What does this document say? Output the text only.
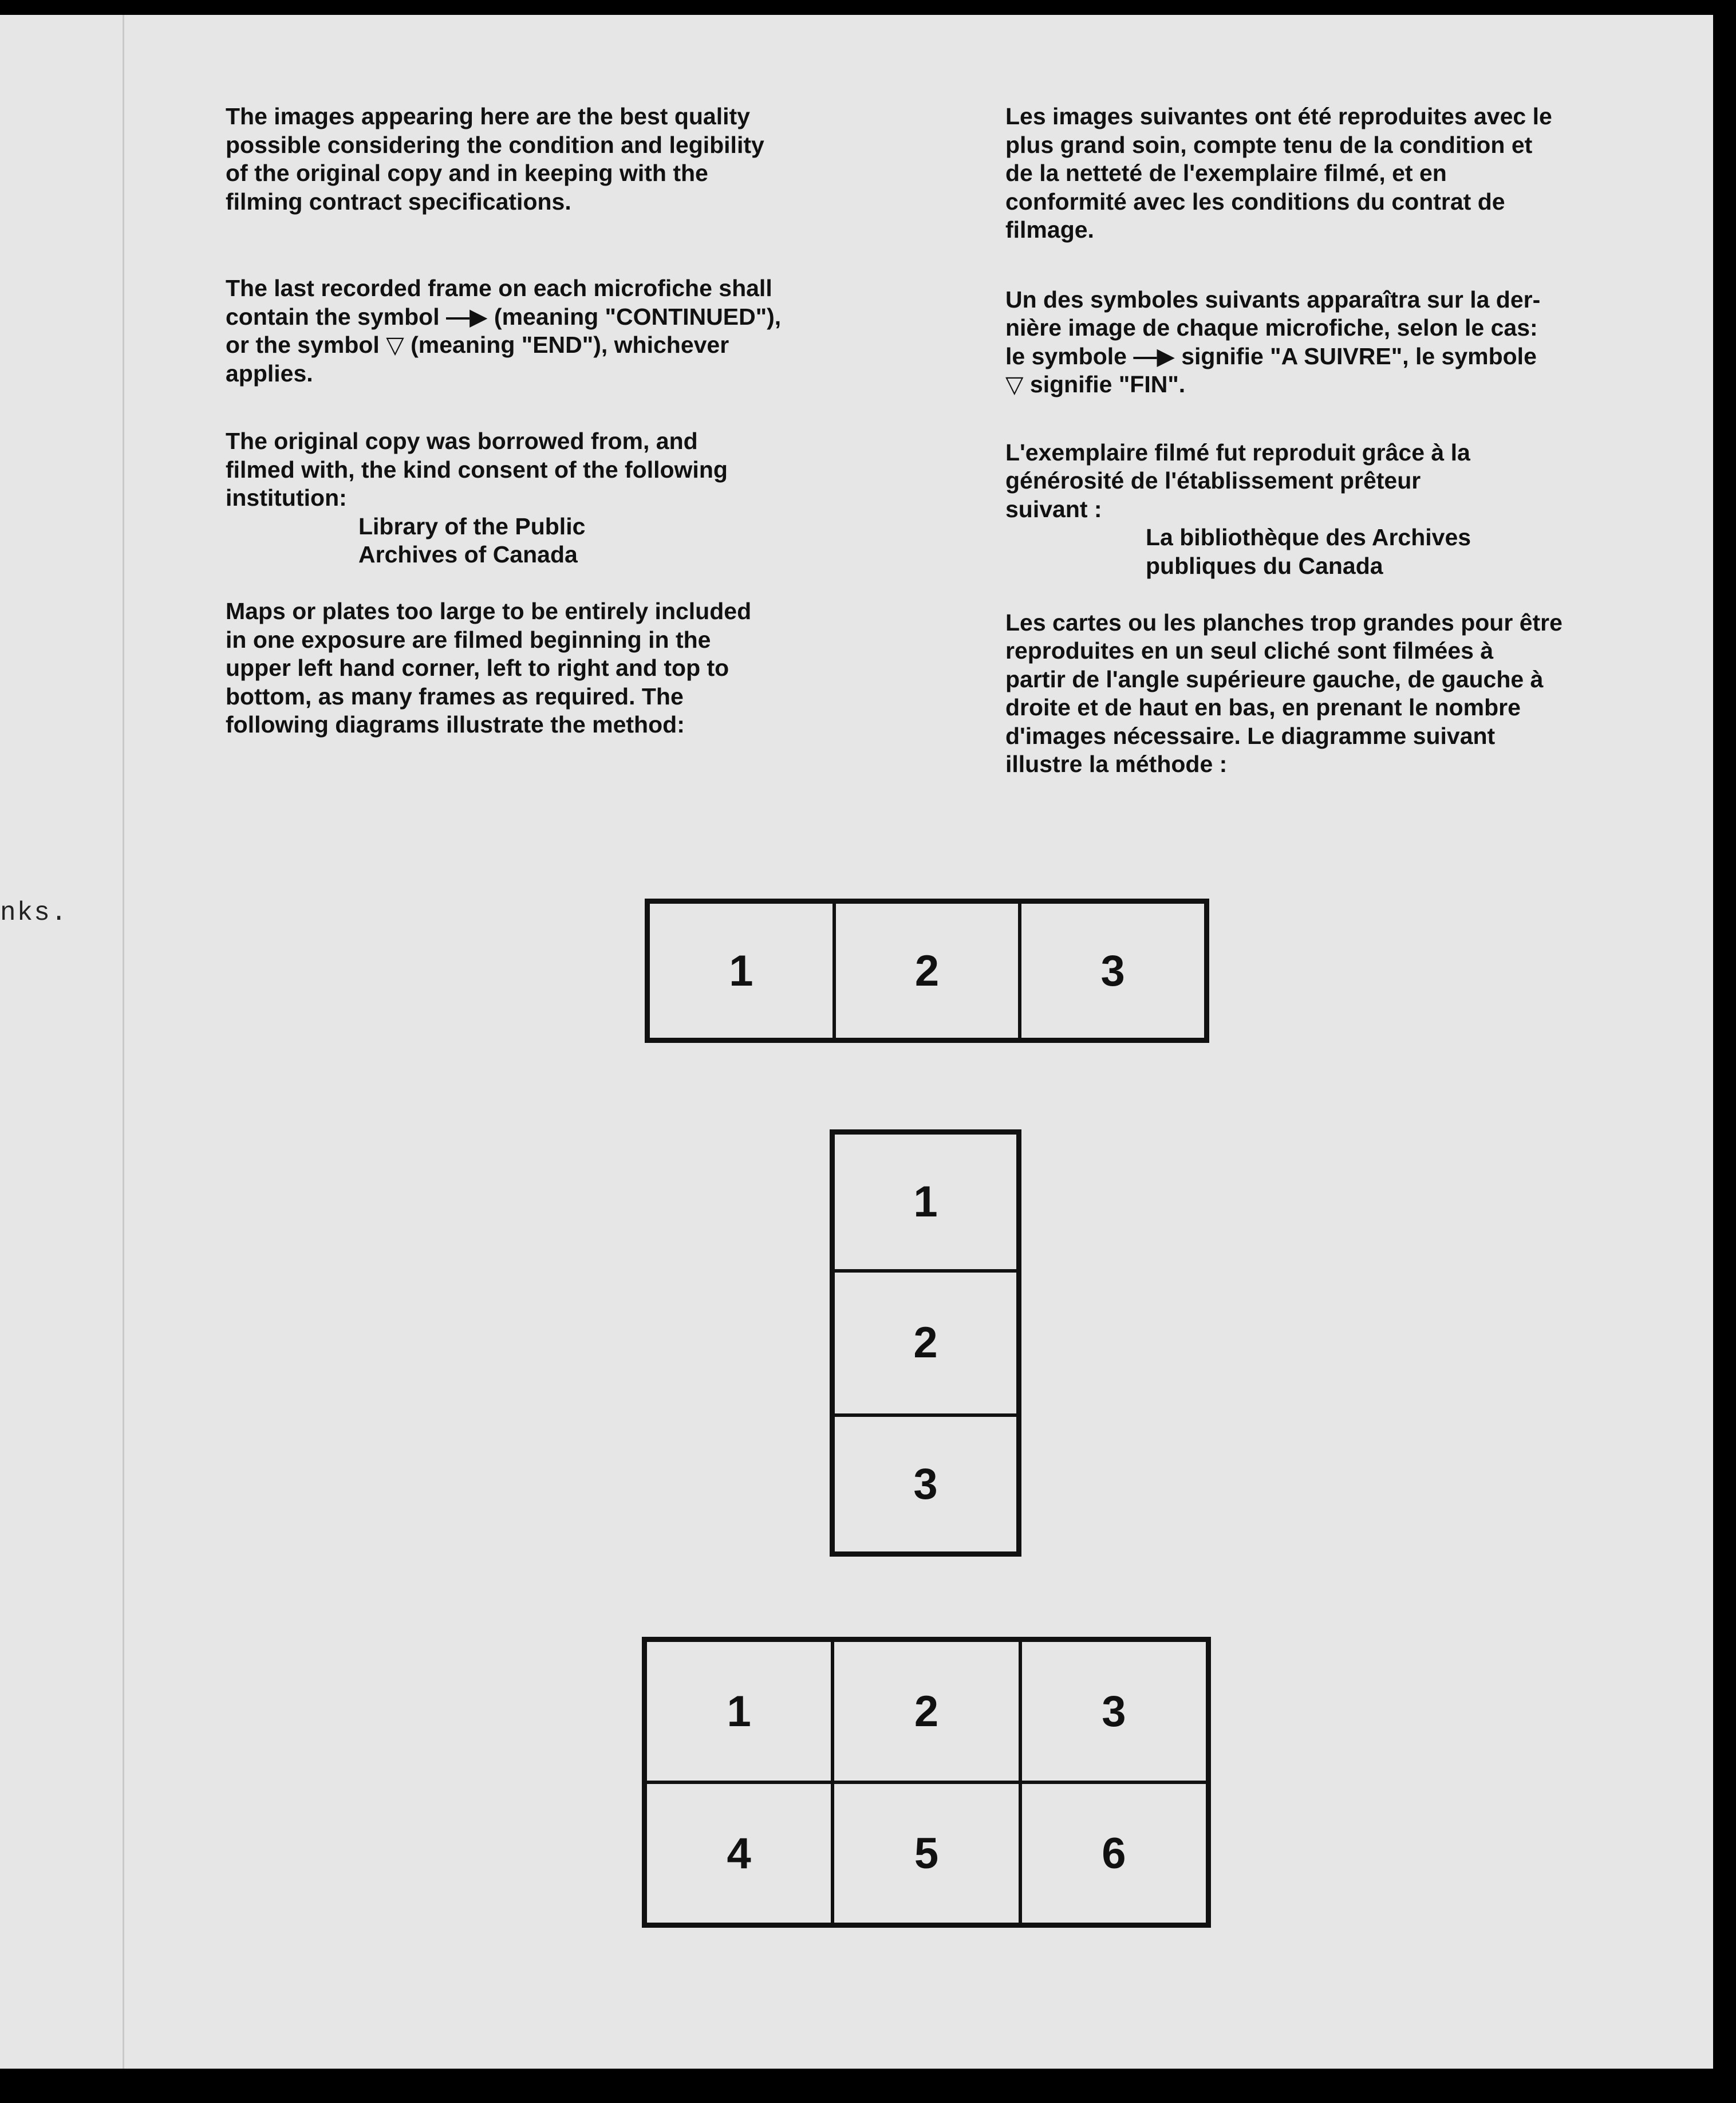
nks.

The images appearing here are the best quality
possible considering the condition and legibility
of the original copy and in keeping with the
filming contract specifications.

The last recorded frame on each microfiche shall
contain the symbol —▶ (meaning "CONTINUED"),
or the symbol ▽ (meaning "END"), whichever
applies.

The original copy was borrowed from, and
filmed with, the kind consent of the following
institution:

Library of the Public

Archives of Canada

Maps or plates too large to be entirely included
in one exposure are filmed beginning in the
upper left hand corner, left to right and top to
bottom, as many frames as required. The
following diagrams illustrate the method:

Les images suivantes ont été reproduites avec le
plus grand soin, compte tenu de la condition et
de la netteté de l'exemplaire filmé, et en
conformité avec les conditions du contrat de
filmage.

Un des symboles suivants apparaîtra sur la der-
nière image de chaque microfiche, selon le cas:
le symbole —▶ signifie "A SUIVRE", le symbole
▽ signifie "FIN".

L'exemplaire filmé fut reproduit grâce à la
générosité de l'établissement prêteur
suivant :

La bibliothèque des Archives

publiques du Canada

Les cartes ou les planches trop grandes pour être
reproduites en un seul cliché sont filmées à
partir de l'angle supérieure gauche, de gauche à
droite et de haut en bas, en prenant le nombre
d'images nécessaire. Le diagramme suivant
illustre la méthode :

1	2	3
1
2
3
1	2	3
4	5	6
